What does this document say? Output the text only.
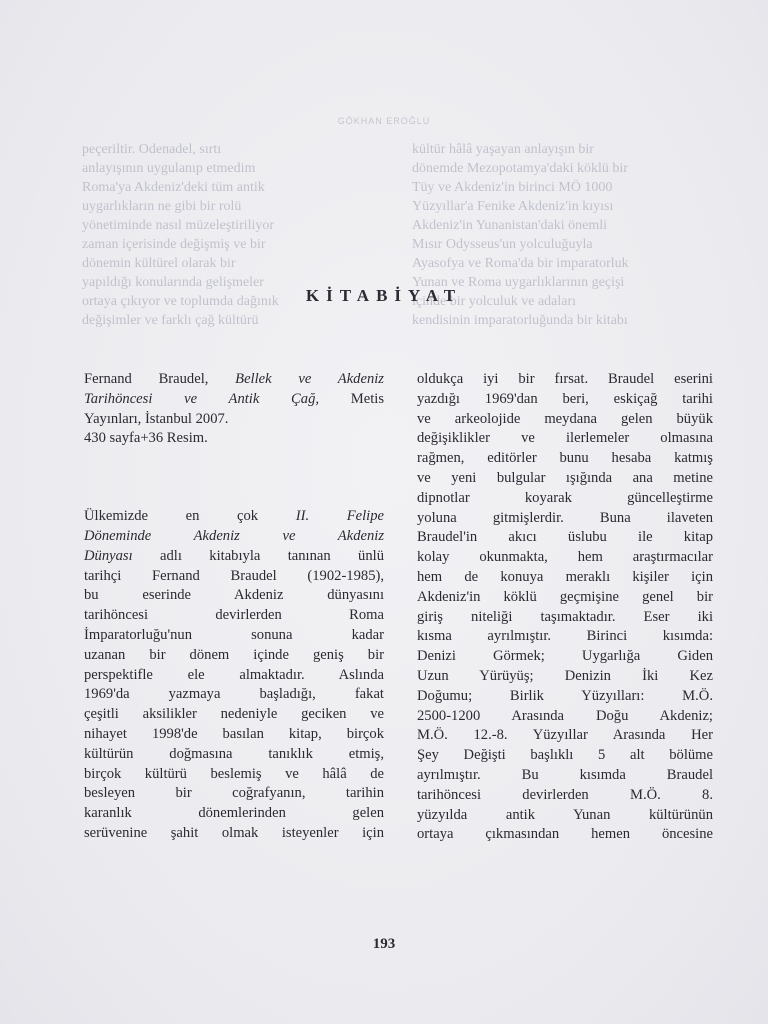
GÖKHAN EROĞLU
peçeriltir. Odenadel, sırtı
anlayışının uygulanıp etmedim
Roma'ya Akdeniz'deki tüm antik
uygarlıkların ne gibi bir rolü
yönetiminde nasıl müzeleştiriliyor
zaman içerisinde değişmiş ve bir
dönemin kültürel olarak bir
yapıldığı konularında gelişmeler
ortaya çıkıyor ve toplumda dağınık
değişimler ve farklı çağ kültürü
kültür hâlâ yaşayan anlayışın bir
dönemde Mezopotamya'daki köklü bir
Tüy ve Akdeniz'in birinci MÖ 1000
Yüzyıllar'a Fenike Akdeniz'in kıyısı
Akdeniz'in Yunanistan'daki önemli
Mısır Odysseus'un yolculuğuyla
Ayasofya ve Roma'da bir imparatorluk
Yunan ve Roma uygarlıklarının geçişi
içinde bir yolculuk ve adaları
kendisinin imparatorluğunda bir kitabı
KİTABİYAT
Fernand Braudel, Bellek ve Akdeniz
Tarihöncesi ve Antik Çağ, Metis
Yayınları, İstanbul 2007.
430 sayfa+36 Resim.
Ülkemizde en çok II. Felipe
Döneminde Akdeniz ve Akdeniz
Dünyası adlı kitabıyla tanınan ünlü
tarihçi Fernand Braudel (1902-1985),
bu eserinde Akdeniz dünyasını
tarihöncesi devirlerden Roma
İmparatorluğu'nun sonuna kadar
uzanan bir dönem içinde geniş bir
perspektifle ele almaktadır. Aslında
1969'da yazmaya başladığı, fakat
çeşitli aksilikler nedeniyle geciken ve
nihayet 1998'de basılan kitap, birçok
kültürün doğmasına tanıklık etmiş,
birçok kültürü beslemiş ve hâlâ de
besleyen bir coğrafyanın, tarihin
karanlık dönemlerinden gelen
serüvenine şahit olmak isteyenler için
oldukça iyi bir fırsat. Braudel eserini
yazdığı 1969'dan beri, eskiçağ tarihi
ve arkeolojide meydana gelen büyük
değişiklikler ve ilerlemeler olmasına
rağmen, editörler bunu hesaba katmış
ve yeni bulgular ışığında ana metine
dipnotlar koyarak güncelleştirme
yoluna gitmişlerdir. Buna ilaveten
Braudel'in akıcı üslubu ile kitap
kolay okunmakta, hem araştırmacılar
hem de konuya meraklı kişiler için
Akdeniz'in köklü geçmişine genel bir
giriş niteliği taşımaktadır. Eser iki
kısma ayrılmıştır. Birinci kısımda:
Denizi Görmek; Uygarlığa Giden
Uzun Yürüyüş; Denizin İki Kez
Doğumu; Birlik Yüzyılları: M.Ö.
2500-1200 Arasında Doğu Akdeniz;
M.Ö. 12.-8. Yüzyıllar Arasında Her
Şey Değişti başlıklı 5 alt bölüme
ayrılmıştır. Bu kısımda Braudel
tarihöncesi devirlerden M.Ö. 8.
yüzyılda antik Yunan kültürünün
ortaya çıkmasından hemen öncesine
193
